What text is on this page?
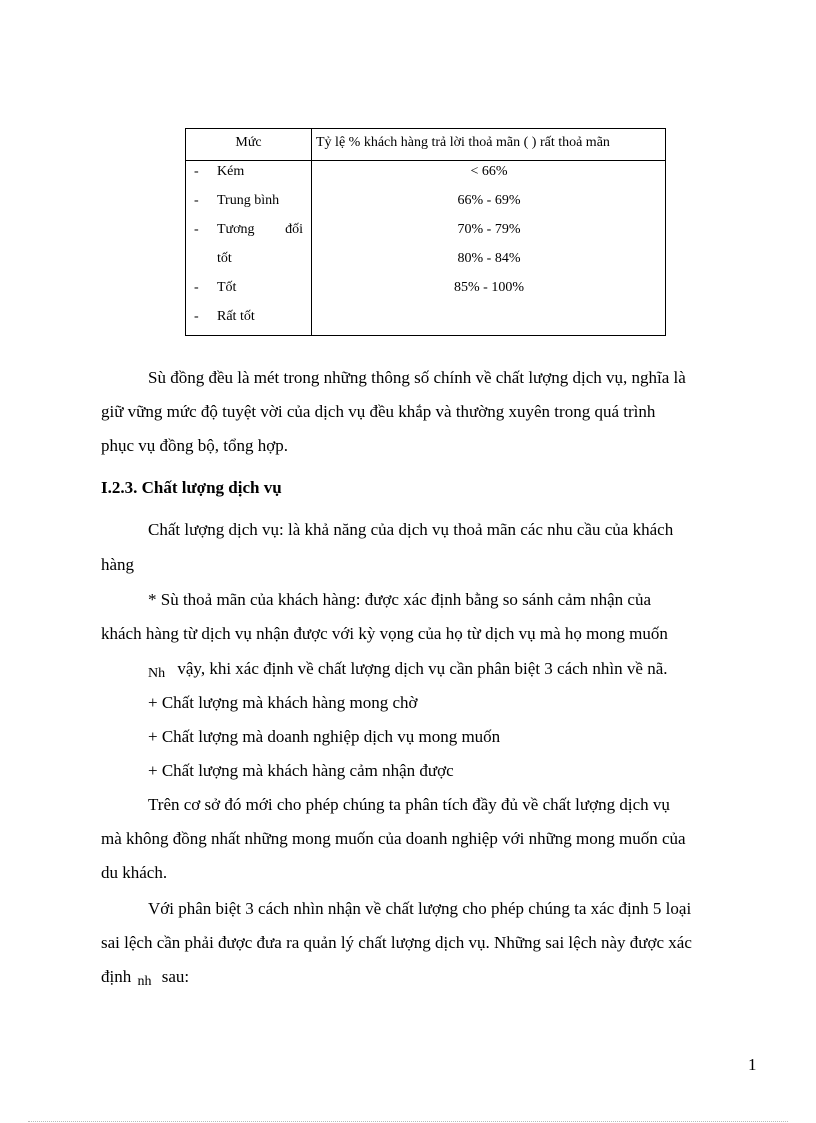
Mức	Tỷ lệ % khách hàng trả lời thoả mãn ( ) rất thoả mãn
- Kém
- Trung bình
- Tương đối
tốt
- Tốt
- Rất tốt
< 66%
66% - 69%
70% - 79%
80% - 84%
85% - 100%
Sù đồng đều là mét trong những thông số chính về chất lượng dịch vụ, nghĩa là
giữ vững mức độ tuyệt vời của dịch vụ đều khắp và thường xuyên trong quá trình
phục vụ đồng bộ, tổng hợp.
I.2.3. Chất lượng dịch vụ
Chất lượng dịch vụ: là khả năng của dịch vụ thoả mãn các nhu cầu của khách
hàng
* Sù thoả mãn của khách hàng: được xác định bằng so sánh cảm nhận của
khách hàng từ dịch vụ nhận được với kỳ vọng của họ từ dịch vụ mà họ mong muốn
Nh vậy, khi xác định về chất lượng dịch vụ cần phân biệt 3 cách nhìn về nã.
+ Chất lượng mà khách hàng mong chờ
+ Chất lượng mà doanh nghiệp dịch vụ mong muốn
+ Chất lượng mà khách hàng cảm nhận được
Trên cơ sở đó mới cho phép chúng ta phân tích đầy đủ về chất lượng dịch vụ
mà không đồng nhất những mong muốn của doanh nghiệp với những mong muốn của
du khách.
Với phân biệt 3 cách nhìn nhận về chất lượng cho phép chúng ta xác định 5 loại
sai lệch cần phải được đưa ra quản lý chất lượng dịch vụ. Những sai lệch này được xác
định nh sau:
1
